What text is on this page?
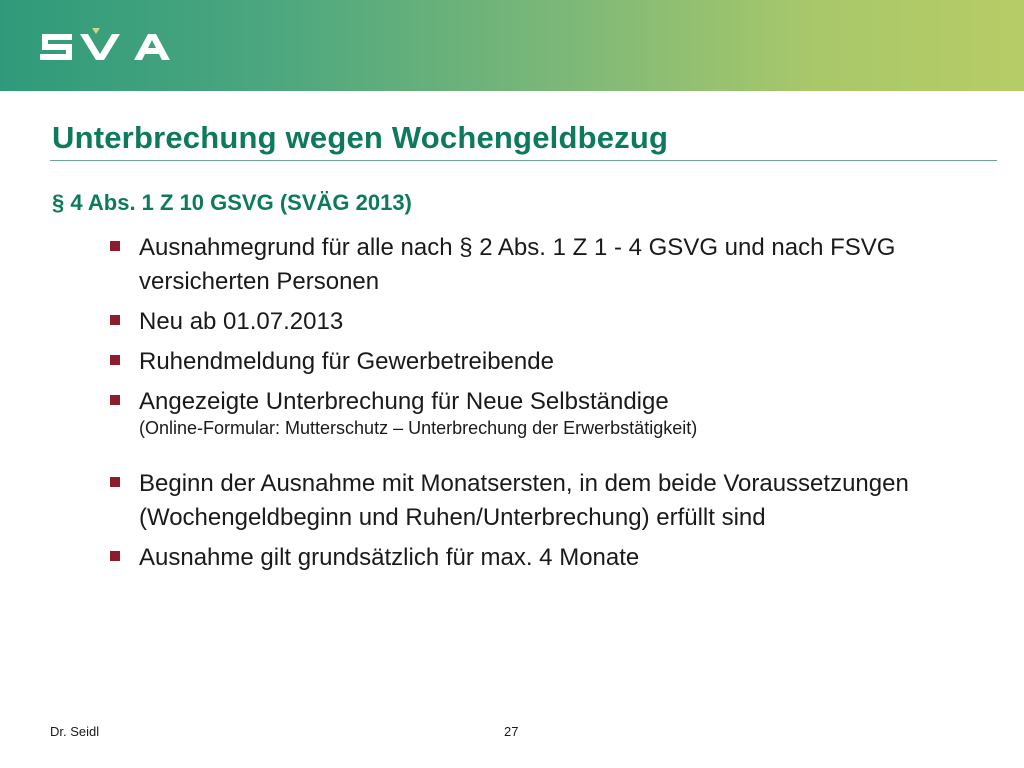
Unterbrechung wegen Wochengeldbezug
§ 4 Abs. 1 Z 10 GSVG (SVÄG 2013)
Ausnahmegrund für alle nach § 2 Abs. 1 Z 1 - 4 GSVG und nach FSVG versicherten Personen
Neu ab 01.07.2013
Ruhendmeldung für Gewerbetreibende
Angezeigte Unterbrechung für Neue Selbständige
(Online-Formular: Mutterschutz – Unterbrechung der Erwerbstätigkeit)
Beginn der Ausnahme mit Monatsersten, in dem beide Voraussetzungen (Wochengeldbeginn und Ruhen/Unterbrechung) erfüllt sind
Ausnahme gilt grundsätzlich für max. 4 Monate
Dr. Seidl	27
